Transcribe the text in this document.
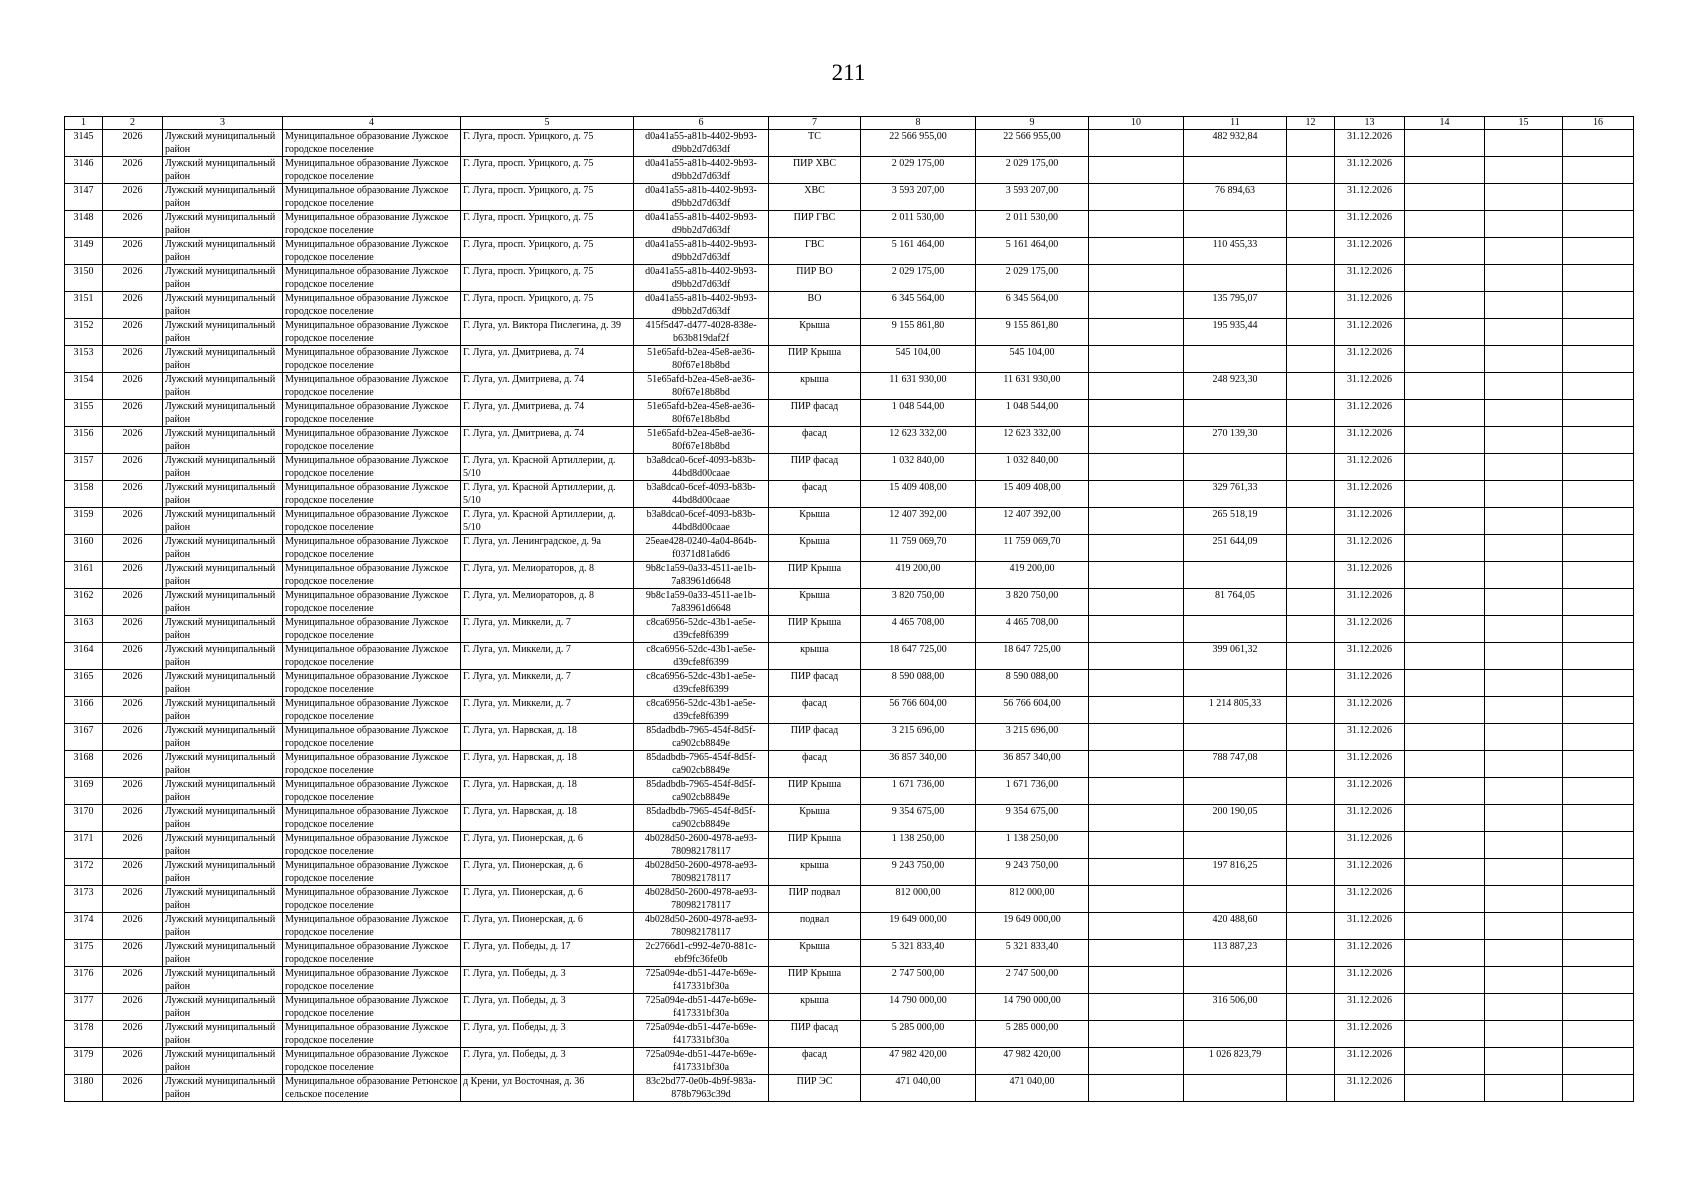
211
1	2	3	4	5	6	7	8	9	10	11	12	13	14	15	16
3145	2026	Лужский муниципальный район	Муниципальное образование Лужское городское поселение	Г. Луга, просп. Урицкого, д. 75	d0a41a55-a81b-4402-9b93-d9bb2d7d63df	ТС	22 566 955,00	22 566 955,00		482 932,84		31.12.2026			
3146	2026	Лужский муниципальный район	Муниципальное образование Лужское городское поселение	Г. Луга, просп. Урицкого, д. 75	d0a41a55-a81b-4402-9b93-d9bb2d7d63df	ПИР ХВС	2 029 175,00	2 029 175,00				31.12.2026			
3147	2026	Лужский муниципальный район	Муниципальное образование Лужское городское поселение	Г. Луга, просп. Урицкого, д. 75	d0a41a55-a81b-4402-9b93-d9bb2d7d63df	ХВС	3 593 207,00	3 593 207,00		76 894,63		31.12.2026			
3148	2026	Лужский муниципальный район	Муниципальное образование Лужское городское поселение	Г. Луга, просп. Урицкого, д. 75	d0a41a55-a81b-4402-9b93-d9bb2d7d63df	ПИР ГВС	2 011 530,00	2 011 530,00				31.12.2026			
3149	2026	Лужский муниципальный район	Муниципальное образование Лужское городское поселение	Г. Луга, просп. Урицкого, д. 75	d0a41a55-a81b-4402-9b93-d9bb2d7d63df	ГВС	5 161 464,00	5 161 464,00		110 455,33		31.12.2026			
3150	2026	Лужский муниципальный район	Муниципальное образование Лужское городское поселение	Г. Луга, просп. Урицкого, д. 75	d0a41a55-a81b-4402-9b93-d9bb2d7d63df	ПИР ВО	2 029 175,00	2 029 175,00				31.12.2026			
3151	2026	Лужский муниципальный район	Муниципальное образование Лужское городское поселение	Г. Луга, просп. Урицкого, д. 75	d0a41a55-a81b-4402-9b93-d9bb2d7d63df	ВО	6 345 564,00	6 345 564,00		135 795,07		31.12.2026			
3152	2026	Лужский муниципальный район	Муниципальное образование Лужское городское поселение	Г. Луга, ул. Виктора Пислегина, д. 39	415f5d47-d477-4028-838e-b63b819daf2f	Крыша	9 155 861,80	9 155 861,80		195 935,44		31.12.2026			
3153	2026	Лужский муниципальный район	Муниципальное образование Лужское городское поселение	Г. Луга, ул. Дмитриева, д. 74	51e65afd-b2ea-45e8-ae36-80f67e18b8bd	ПИР Крыша	545 104,00	545 104,00				31.12.2026			
3154	2026	Лужский муниципальный район	Муниципальное образование Лужское городское поселение	Г. Луга, ул. Дмитриева, д. 74	51e65afd-b2ea-45e8-ae36-80f67e18b8bd	крыша	11 631 930,00	11 631 930,00		248 923,30		31.12.2026			
3155	2026	Лужский муниципальный район	Муниципальное образование Лужское городское поселение	Г. Луга, ул. Дмитриева, д. 74	51e65afd-b2ea-45e8-ae36-80f67e18b8bd	ПИР фасад	1 048 544,00	1 048 544,00				31.12.2026			
3156	2026	Лужский муниципальный район	Муниципальное образование Лужское городское поселение	Г. Луга, ул. Дмитриева, д. 74	51e65afd-b2ea-45e8-ae36-80f67e18b8bd	фасад	12 623 332,00	12 623 332,00		270 139,30		31.12.2026			
3157	2026	Лужский муниципальный район	Муниципальное образование Лужское городское поселение	Г. Луга, ул. Красной Артиллерии, д. 5/10	b3a8dca0-6cef-4093-b83b-44bd8d00caae	ПИР фасад	1 032 840,00	1 032 840,00				31.12.2026			
3158	2026	Лужский муниципальный район	Муниципальное образование Лужское городское поселение	Г. Луга, ул. Красной Артиллерии, д. 5/10	b3a8dca0-6cef-4093-b83b-44bd8d00caae	фасад	15 409 408,00	15 409 408,00		329 761,33		31.12.2026			
3159	2026	Лужский муниципальный район	Муниципальное образование Лужское городское поселение	Г. Луга, ул. Красной Артиллерии, д. 5/10	b3a8dca0-6cef-4093-b83b-44bd8d00caae	Крыша	12 407 392,00	12 407 392,00		265 518,19		31.12.2026			
3160	2026	Лужский муниципальный район	Муниципальное образование Лужское городское поселение	Г. Луга, ул. Ленинградское, д. 9а	25eae428-0240-4a04-864b-f0371d81a6d6	Крыша	11 759 069,70	11 759 069,70		251 644,09		31.12.2026			
3161	2026	Лужский муниципальный район	Муниципальное образование Лужское городское поселение	Г. Луга, ул. Мелиораторов, д. 8	9b8c1a59-0a33-4511-ae1b-7a83961d6648	ПИР Крыша	419 200,00	419 200,00				31.12.2026			
3162	2026	Лужский муниципальный район	Муниципальное образование Лужское городское поселение	Г. Луга, ул. Мелиораторов, д. 8	9b8c1a59-0a33-4511-ae1b-7a83961d6648	Крыша	3 820 750,00	3 820 750,00		81 764,05		31.12.2026			
3163	2026	Лужский муниципальный район	Муниципальное образование Лужское городское поселение	Г. Луга, ул. Миккели, д. 7	c8ca6956-52dc-43b1-ae5e-d39cfe8f6399	ПИР Крыша	4 465 708,00	4 465 708,00				31.12.2026			
3164	2026	Лужский муниципальный район	Муниципальное образование Лужское городское поселение	Г. Луга, ул. Миккели, д. 7	c8ca6956-52dc-43b1-ae5e-d39cfe8f6399	крыша	18 647 725,00	18 647 725,00		399 061,32		31.12.2026			
3165	2026	Лужский муниципальный район	Муниципальное образование Лужское городское поселение	Г. Луга, ул. Миккели, д. 7	c8ca6956-52dc-43b1-ae5e-d39cfe8f6399	ПИР фасад	8 590 088,00	8 590 088,00				31.12.2026			
3166	2026	Лужский муниципальный район	Муниципальное образование Лужское городское поселение	Г. Луга, ул. Миккели, д. 7	c8ca6956-52dc-43b1-ae5e-d39cfe8f6399	фасад	56 766 604,00	56 766 604,00		1 214 805,33		31.12.2026			
3167	2026	Лужский муниципальный район	Муниципальное образование Лужское городское поселение	Г. Луга, ул. Нарвская, д. 18	85dadbdb-7965-454f-8d5f-ca902cb8849e	ПИР фасад	3 215 696,00	3 215 696,00				31.12.2026			
3168	2026	Лужский муниципальный район	Муниципальное образование Лужское городское поселение	Г. Луга, ул. Нарвская, д. 18	85dadbdb-7965-454f-8d5f-ca902cb8849e	фасад	36 857 340,00	36 857 340,00		788 747,08		31.12.2026			
3169	2026	Лужский муниципальный район	Муниципальное образование Лужское городское поселение	Г. Луга, ул. Нарвская, д. 18	85dadbdb-7965-454f-8d5f-ca902cb8849e	ПИР Крыша	1 671 736,00	1 671 736,00				31.12.2026			
3170	2026	Лужский муниципальный район	Муниципальное образование Лужское городское поселение	Г. Луга, ул. Нарвская, д. 18	85dadbdb-7965-454f-8d5f-ca902cb8849e	Крыша	9 354 675,00	9 354 675,00		200 190,05		31.12.2026			
3171	2026	Лужский муниципальный район	Муниципальное образование Лужское городское поселение	Г. Луга, ул. Пионерская, д. 6	4b028d50-2600-4978-ae93-780982178117	ПИР Крыша	1 138 250,00	1 138 250,00				31.12.2026			
3172	2026	Лужский муниципальный район	Муниципальное образование Лужское городское поселение	Г. Луга, ул. Пионерская, д. 6	4b028d50-2600-4978-ae93-780982178117	крыша	9 243 750,00	9 243 750,00		197 816,25		31.12.2026			
3173	2026	Лужский муниципальный район	Муниципальное образование Лужское городское поселение	Г. Луга, ул. Пионерская, д. 6	4b028d50-2600-4978-ae93-780982178117	ПИР подвал	812 000,00	812 000,00				31.12.2026			
3174	2026	Лужский муниципальный район	Муниципальное образование Лужское городское поселение	Г. Луга, ул. Пионерская, д. 6	4b028d50-2600-4978-ae93-780982178117	подвал	19 649 000,00	19 649 000,00		420 488,60		31.12.2026			
3175	2026	Лужский муниципальный район	Муниципальное образование Лужское городское поселение	Г. Луга, ул. Победы, д. 17	2c2766d1-c992-4e70-881c-ebf9fc36fe0b	Крыша	5 321 833,40	5 321 833,40		113 887,23		31.12.2026			
3176	2026	Лужский муниципальный район	Муниципальное образование Лужское городское поселение	Г. Луга, ул. Победы, д. 3	725a094e-db51-447e-b69e-f417331bf30a	ПИР Крыша	2 747 500,00	2 747 500,00				31.12.2026			
3177	2026	Лужский муниципальный район	Муниципальное образование Лужское городское поселение	Г. Луга, ул. Победы, д. 3	725a094e-db51-447e-b69e-f417331bf30a	крыша	14 790 000,00	14 790 000,00		316 506,00		31.12.2026			
3178	2026	Лужский муниципальный район	Муниципальное образование Лужское городское поселение	Г. Луга, ул. Победы, д. 3	725a094e-db51-447e-b69e-f417331bf30a	ПИР фасад	5 285 000,00	5 285 000,00				31.12.2026			
3179	2026	Лужский муниципальный район	Муниципальное образование Лужское городское поселение	Г. Луга, ул. Победы, д. 3	725a094e-db51-447e-b69e-f417331bf30a	фасад	47 982 420,00	47 982 420,00		1 026 823,79		31.12.2026			
3180	2026	Лужский муниципальный район	Муниципальное образование Ретюнское сельское поселение	д Крени, ул Восточная, д. 36	83c2bd77-0e0b-4b9f-983a-878b7963c39d	ПИР ЭС	471 040,00	471 040,00				31.12.2026			
